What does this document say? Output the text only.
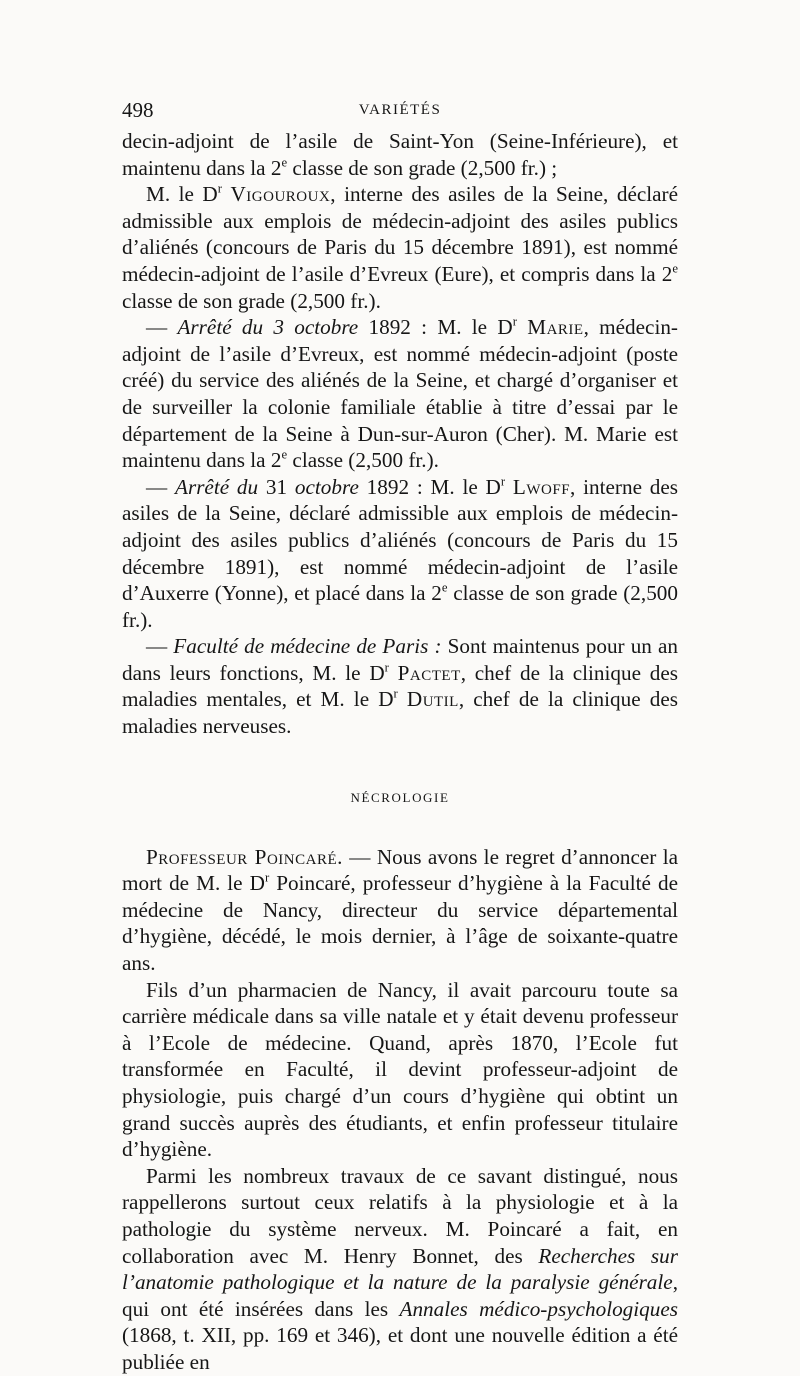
498	VARIÉTÉS

decin-adjoint de l’asile de Saint-Yon (Seine-Inférieure), et maintenu dans la 2e classe de son grade (2,500 fr.) ;

M. le $D^r$ Vigouroux, interne des asiles de la Seine, déclaré admissible aux emplois de médecin-adjoint des asiles publics d’aliénés (concours de Paris du 15 décembre 1891), est nommé médecin-adjoint de l’asile d’Evreux (Eure), et compris dans la 2e classe de son grade (2,500 fr.).

— Arrêté du 3 octobre 1892 : M. le $D^r$ Marie, médecin-adjoint de l’asile d’Evreux, est nommé médecin-adjoint (poste créé) du service des aliénés de la Seine, et chargé d’organiser et de surveiller la colonie familiale établie à titre d’essai par le département de la Seine à Dun-sur-Auron (Cher). M. Marie est maintenu dans la 2e classe (2,500 fr.).

— Arrêté du 31 octobre 1892 : M. le $D^r$ Lwoff, interne des asiles de la Seine, déclaré admissible aux emplois de médecin-adjoint des asiles publics d’aliénés (concours de Paris du 15 décembre 1891), est nommé médecin-adjoint de l’asile d’Auxerre (Yonne), et placé dans la 2e classe de son grade (2,500 fr.).

— Faculté de médecine de Paris : Sont maintenus pour un an dans leurs fonctions, M. le $D^r$ Pactet, chef de la clinique des maladies mentales, et M. le $D^r$ Dutil, chef de la clinique des maladies nerveuses.

NÉCROLOGIE

Professeur Poincaré. — Nous avons le regret d’annoncer la mort de M. le $D^r$ Poincaré, professeur d’hygiène à la Faculté de médecine de Nancy, directeur du service départemental d’hygiène, décédé, le mois dernier, à l’âge de soixante-quatre ans.

Fils d’un pharmacien de Nancy, il avait parcouru toute sa carrière médicale dans sa ville natale et y était devenu professeur à l’Ecole de médecine. Quand, après 1870, l’Ecole fut transformée en Faculté, il devint professeur-adjoint de physiologie, puis chargé d’un cours d’hygiène qui obtint un grand succès auprès des étudiants, et enfin professeur titulaire d’hygiène.

Parmi les nombreux travaux de ce savant distingué, nous rappellerons surtout ceux relatifs à la physiologie et à la pathologie du système nerveux. M. Poincaré a fait, en collaboration avec M. Henry Bonnet, des Recherches sur l’anatomie pathologique et la nature de la paralysie générale, qui ont été insérées dans les Annales médico-psychologiques (1868, t. XII, pp. 169 et 346), et dont une nouvelle édition a été publiée en
